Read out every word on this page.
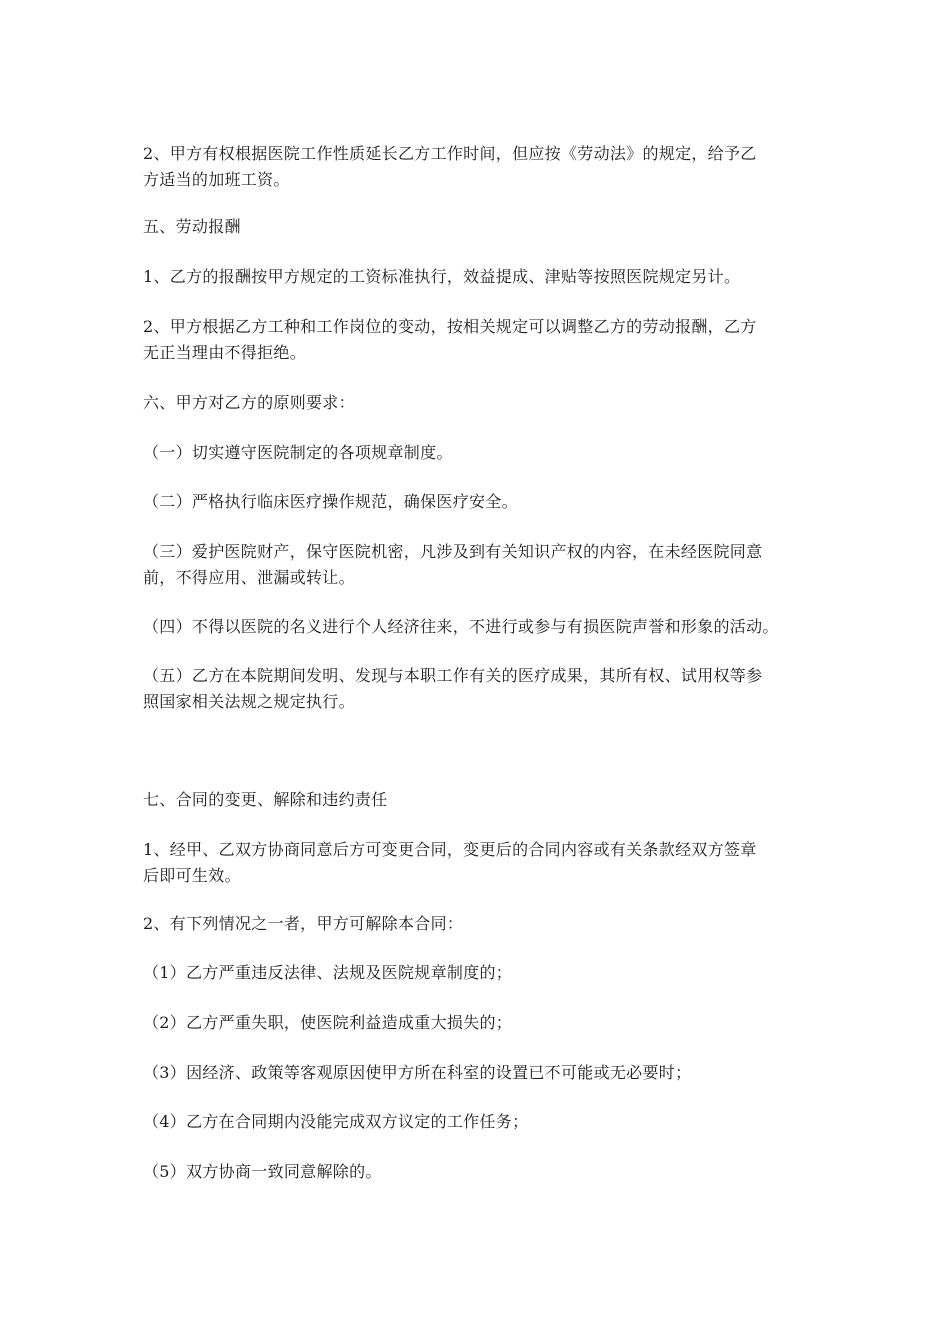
2、甲方有权根据医院工作性质延长乙方工作时间，但应按《劳动法》的规定，给予乙
方适当的加班工资。
五、劳动报酬
1、乙方的报酬按甲方规定的工资标准执行，效益提成、津贴等按照医院规定另计。
2、甲方根据乙方工种和工作岗位的变动，按相关规定可以调整乙方的劳动报酬，乙方
无正当理由不得拒绝。
六、甲方对乙方的原则要求：
（一）切实遵守医院制定的各项规章制度。
（二）严格执行临床医疗操作规范，确保医疗安全。
（三）爱护医院财产，保守医院机密，凡涉及到有关知识产权的内容，在未经医院同意
前，不得应用、泄漏或转让。
（四）不得以医院的名义进行个人经济往来，不进行或参与有损医院声誉和形象的活动。
（五）乙方在本院期间发明、发现与本职工作有关的医疗成果，其所有权、试用权等参
照国家相关法规之规定执行。
七、合同的变更、解除和违约责任
1、经甲、乙双方协商同意后方可变更合同，变更后的合同内容或有关条款经双方签章
后即可生效。
2、有下列情况之一者，甲方可解除本合同：
（1）乙方严重违反法律、法规及医院规章制度的；
（2）乙方严重失职，使医院利益造成重大损失的；
（3）因经济、政策等客观原因使甲方所在科室的设置已不可能或无必要时；
（4）乙方在合同期内没能完成双方议定的工作任务；
（5）双方协商一致同意解除的。
